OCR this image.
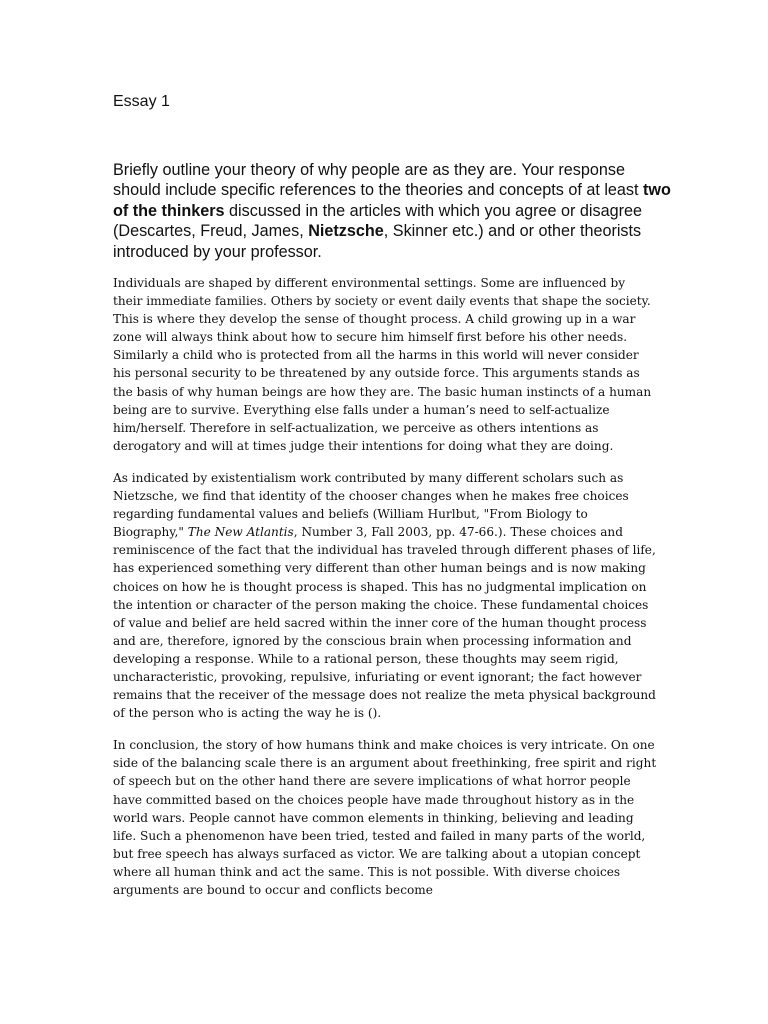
Essay 1

Briefly outline your theory of why people are as they are. Your response should include specific references to the theories and concepts of at least two of the thinkers discussed in the articles with which you agree or disagree (Descartes, Freud, James, Nietzsche, Skinner etc.) and or other theorists introduced by your professor.

Individuals are shaped by different environmental settings. Some are influenced by their immediate families. Others by society or event daily events that shape the society. This is where they develop the sense of thought process. A child growing up in a war zone will always think about how to secure him himself first before his other needs. Similarly a child who is protected from all the harms in this world will never consider his personal security to be threatened by any outside force. This arguments stands as the basis of why human beings are how they are. The basic human instincts of a human being are to survive. Everything else falls under a human’s need to self-actualize him/herself. Therefore in self-actualization, we perceive as others intentions as derogatory and will at times judge their intentions for doing what they are doing.

As indicated by existentialism work contributed by many different scholars such as Nietzsche, we find that identity of the chooser changes when he makes free choices regarding fundamental values and beliefs (William Hurlbut, "From Biology to Biography," The New Atlantis, Number 3, Fall 2003, pp. 47-66.). These choices and reminiscence of the fact that the individual has traveled through different phases of life, has experienced something very different than other human beings and is now making choices on how he is thought process is shaped. This has no judgmental implication on the intention or character of the person making the choice. These fundamental choices of value and belief are held sacred within the inner core of the human thought process and are, therefore, ignored by the conscious brain when processing information and developing a response. While to a rational person, these thoughts may seem rigid, uncharacteristic, provoking, repulsive, infuriating or event ignorant; the fact however remains that the receiver of the message does not realize the meta physical background of the person who is acting the way he is ().

In conclusion, the story of how humans think and make choices is very intricate. On one side of the balancing scale there is an argument about freethinking, free spirit and right of speech but on the other hand there are severe implications of what horror people have committed based on the choices people have made throughout history as in the world wars. People cannot have common elements in thinking, believing and leading life. Such a phenomenon have been tried, tested and failed in many parts of the world, but free speech has always surfaced as victor. We are talking about a utopian concept where all human think and act the same. This is not possible. With diverse choices arguments are bound to occur and conflicts become
